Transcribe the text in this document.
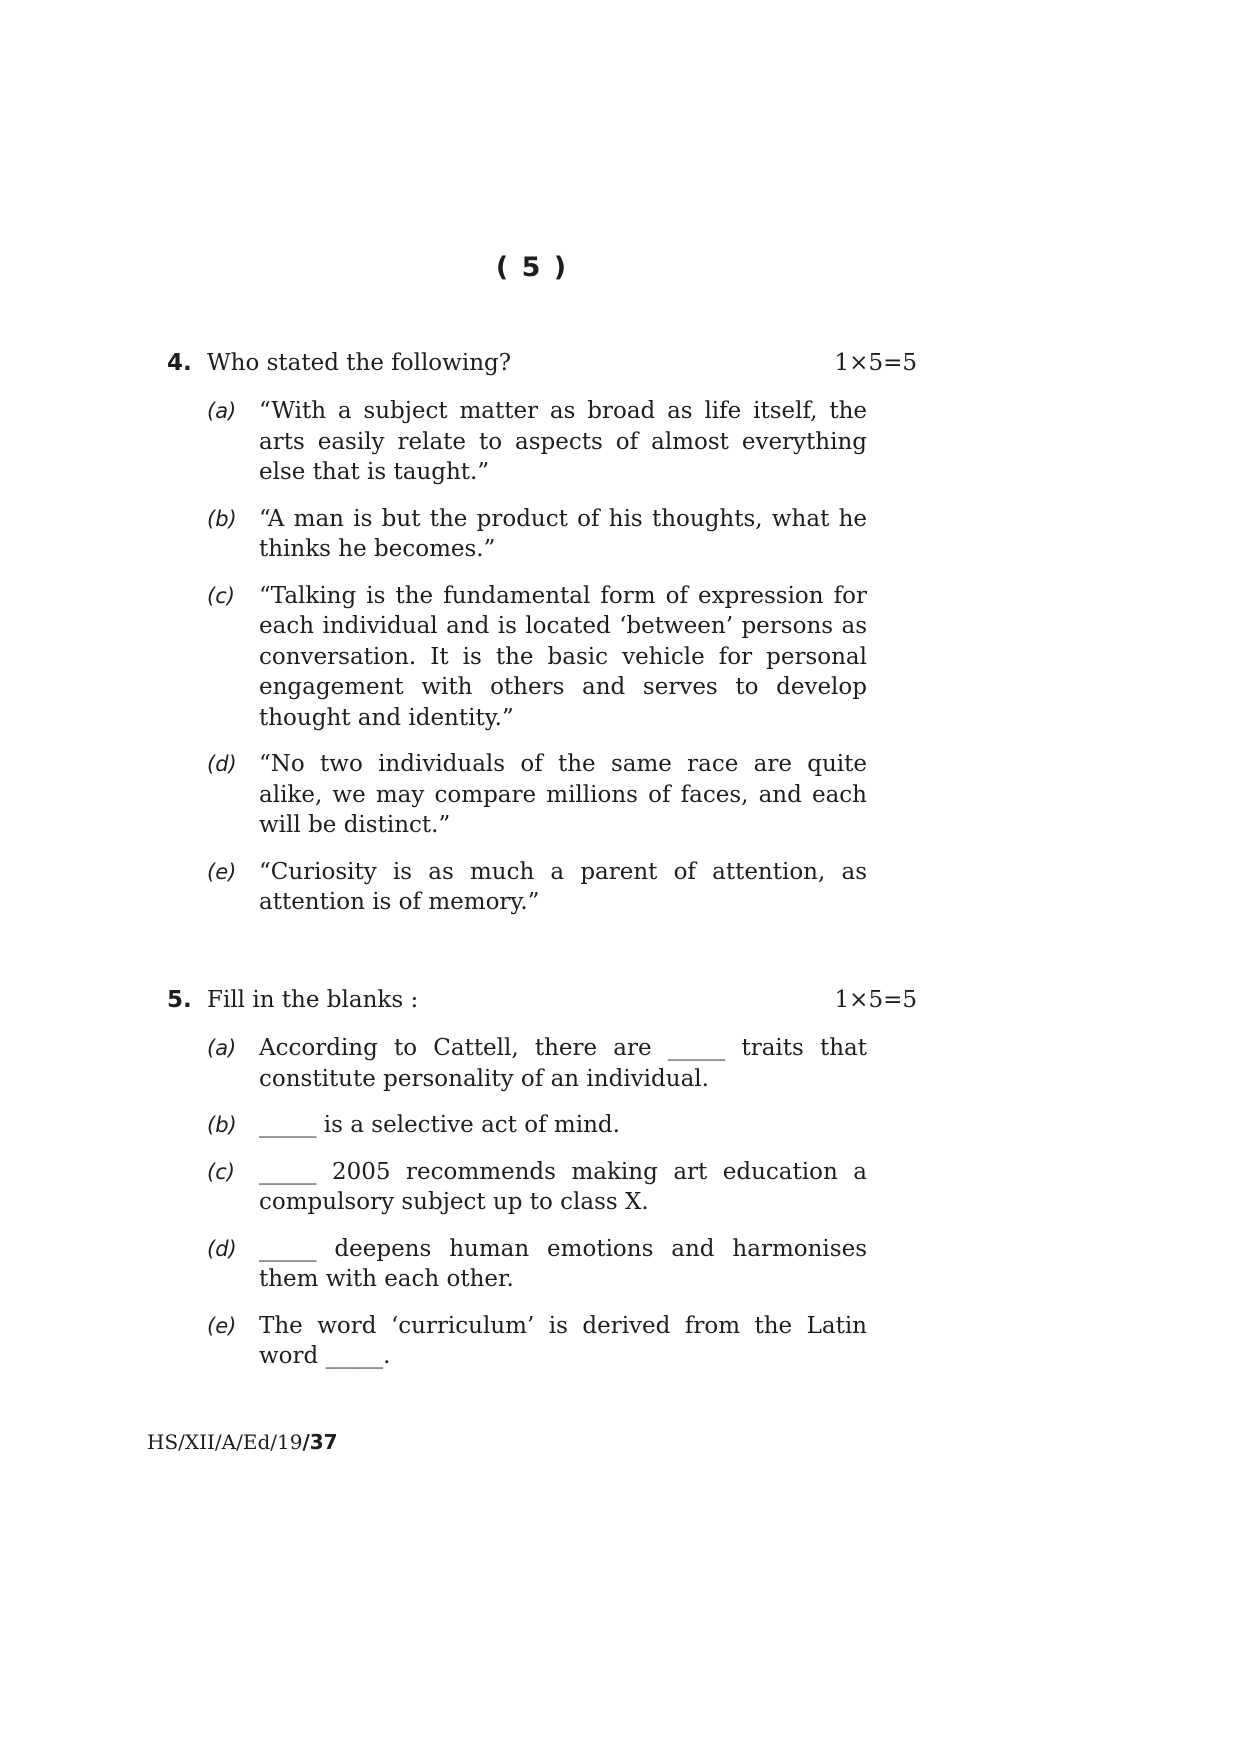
( 5 )
4. Who stated the following?	1×5=5
(a) “With a subject matter as broad as life itself, the arts easily relate to aspects of almost everything else that is taught.”
(b) “A man is but the product of his thoughts, what he thinks he becomes.”
(c) “Talking is the fundamental form of expression for each individual and is located ‘between’ persons as conversation. It is the basic vehicle for personal engagement with others and serves to develop thought and identity.”
(d) “No two individuals of the same race are quite alike, we may compare millions of faces, and each will be distinct.”
(e) “Curiosity is as much a parent of attention, as attention is of memory.”
5. Fill in the blanks :	1×5=5
(a) According to Cattell, there are _____ traits that constitute personality of an individual.
(b) _____ is a selective act of mind.
(c) _____ 2005 recommends making art education a compulsory subject up to class X.
(d) _____ deepens human emotions and harmonises them with each other.
(e) The word ‘curriculum’ is derived from the Latin word _____.
HS/XII/A/Ed/19/37
